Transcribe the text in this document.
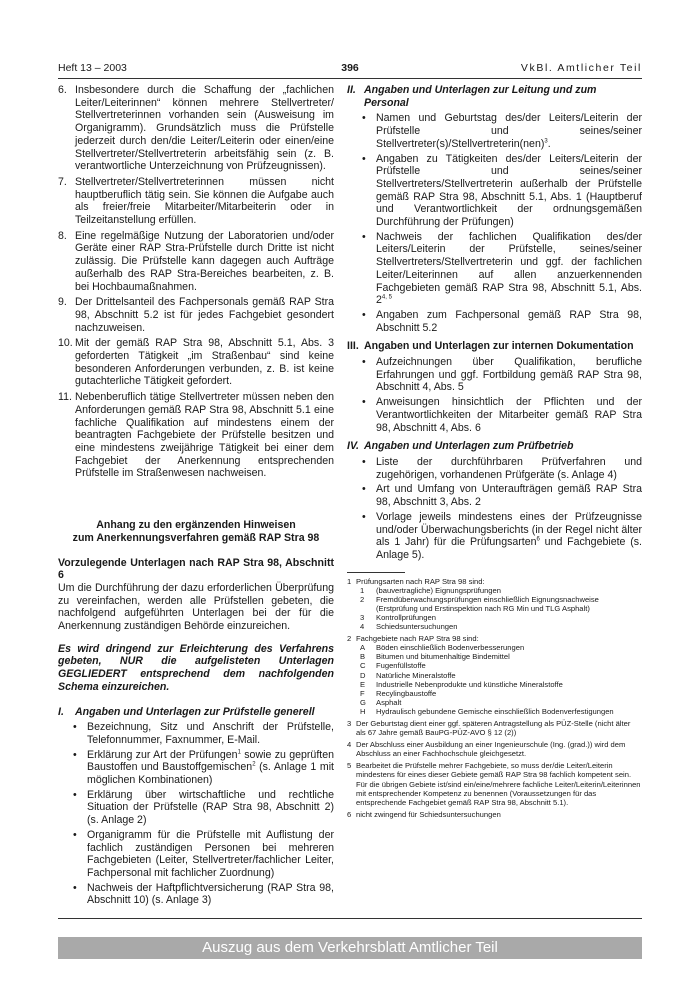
Heft 13 – 2003	396	VkBl. Amtlicher Teil
6. Insbesondere durch die Schaffung der „fachlichen Leiter/Leiterinnen“ können mehrere Stellvertreter/ Stellvertreterinnen vorhanden sein (Ausweisung im Organigramm). Grundsätzlich muss die Prüfstelle jederzeit durch den/die Leiter/Leiterin oder einen/eine Stellvertreter/Stellvertreterin arbeitsfähig sein (z. B. verantwortliche Unterzeichnung von Prüfzeugnissen).
7. Stellvertreter/Stellvertreterinnen müssen nicht hauptberuflich tätig sein. Sie können die Aufgabe auch als freier/freie Mitarbeiter/Mitarbeiterin oder in Teilzeitanstellung erfüllen.
8. Eine regelmäßige Nutzung der Laboratorien und/oder Geräte einer RAP Stra-Prüfstelle durch Dritte ist nicht zulässig. Die Prüfstelle kann dagegen auch Aufträge außerhalb des RAP Stra-Bereiches bearbeiten, z. B. bei Hochbaumaßnahmen.
9. Der Drittelsanteil des Fachpersonals gemäß RAP Stra 98, Abschnitt 5.2 ist für jedes Fachgebiet gesondert nachzuweisen.
10. Mit der gemäß RAP Stra 98, Abschnitt 5.1, Abs. 3 geforderten Tätigkeit „im Straßenbau“ sind keine besonderen Anforderungen verbunden, z. B. ist keine gutachterliche Tätigkeit gefordert.
11. Nebenberuflich tätige Stellvertreter müssen neben den Anforderungen gemäß RAP Stra 98, Abschnitt 5.1 eine fachliche Qualifikation auf mindestens einem der beantragten Fachgebiete der Prüfstelle besitzen und eine mindestens zweijährige Tätigkeit bei einer dem Fachgebiet der Anerkennung entsprechenden Prüfstelle im Straßenwesen nachweisen.
Anhang zu den ergänzenden Hinweisen
zum Anerkennungsverfahren gemäß RAP Stra 98

Vorzulegende Unterlagen nach RAP Stra 98, Abschnitt 6

Um die Durchführung der dazu erforderlichen Überprüfung zu vereinfachen, werden alle Prüfstellen gebeten, die nachfolgend aufgeführten Unterlagen bei der für die Anerkennung zuständigen Behörde einzureichen.

Es wird dringend zur Erleichterung des Verfahrens gebeten, NUR die aufgelisteten Unterlagen GEGLIEDERT entsprechend dem nachfolgenden Schema einzureichen.

I. Angaben und Unterlagen zur Prüfstelle generell
• Bezeichnung, Sitz und Anschrift der Prüfstelle, Telefonnummer, Faxnummer, E-Mail.
• Erklärung zur Art der Prüfungen$^1$ sowie zu geprüften Baustoffen und Baustoffgemischen$^2$ (s. Anlage 1 mit möglichen Kombinationen)
• Erklärung über wirtschaftliche und rechtliche Situation der Prüfstelle (RAP Stra 98, Abschnitt 2) (s. Anlage 2)
• Organigramm für die Prüfstelle mit Auflistung der fachlich zuständigen Personen bei mehreren Fachgebieten (Leiter, Stellvertreter/fachlicher Leiter, Fachpersonal mit fachlicher Zuordnung)
• Nachweis der Haftpflichtversicherung (RAP Stra 98, Abschnitt 10) (s. Anlage 3)
II. Angaben und Unterlagen zur Leitung und zum Personal
• Namen und Geburtstag des/der Leiters/Leiterin der Prüfstelle und seines/seiner Stellvertreter(s)/Stellvertreterin(nen)$^3$.
• Angaben zu Tätigkeiten des/der Leiters/Leiterin der Prüfstelle und seines/seiner Stellvertreters/Stellvertreterin außerhalb der Prüfstelle gemäß RAP Stra 98, Abschnitt 5.1, Abs. 1 (Hauptberuf und Verantwortlichkeit der ordnungsgemäßen Durchführung der Prüfungen)
• Nachweis der fachlichen Qualifikation des/der Leiters/Leiterin der Prüfstelle, seines/seiner Stellvertreters/Stellvertreterin und ggf. der fachlichen Leiter/Leiterinnen auf allen anzuerkennenden Fachgebieten gemäß RAP Stra 98, Abschnitt 5.1, Abs. 2$^{4, 5}$
• Angaben zum Fachpersonal gemäß RAP Stra 98, Abschnitt 5.2
III. Angaben und Unterlagen zur internen Dokumentation
• Aufzeichnungen über Qualifikation, berufliche Erfahrungen und ggf. Fortbildung gemäß RAP Stra 98, Abschnitt 4, Abs. 5
• Anweisungen hinsichtlich der Pflichten und der Verantwortlichkeiten der Mitarbeiter gemäß RAP Stra 98, Abschnitt 4, Abs. 6
IV. Angaben und Unterlagen zum Prüfbetrieb
• Liste der durchführbaren Prüfverfahren und zugehörigen, vorhandenen Prüfgeräte (s. Anlage 4)
• Art und Umfang von Unteraufträgen gemäß RAP Stra 98, Abschnitt 3, Abs. 2
• Vorlage jeweils mindestens eines der Prüfzeugnisse und/oder Überwachungsberichts (in der Regel nicht älter als 1 Jahr) für die Prüfungsarten$^6$ und Fachgebiete (s. Anlage 5).
1 Prüfungsarten nach RAP Stra 98 sind:
1 (bauvertragliche) Eignungsprüfungen
2 Fremdüberwachungsprüfungen einschließlich Eignungsnachweise (Erstprüfung und Erstinspektion nach RG Min und TLG Asphalt)
3 Kontrollprüfungen
4 Schiedsuntersuchungen
2 Fachgebiete nach RAP Stra 98 sind:
A Böden einschließlich Bodenverbesserungen
B Bitumen und bitumenhaltige Bindemittel
C Fugenfüllstoffe
D Natürliche Mineralstoffe
E Industrielle Nebenprodukte und künstliche Mineralstoffe
F Recylingbaustoffe
G Asphalt
H Hydraulisch gebundene Gemische einschließlich Bodenverfestigungen
3 Der Geburtstag dient einer ggf. späteren Antragstellung als PÜZ-Stelle (nicht älter als 67 Jahre gemäß BauPG-PÜZ-AVO § 12 (2))
4 Der Abschluss einer Ausbildung an einer Ingenieurschule (Ing. (grad.)) wird dem Abschluss an einer Fachhochschule gleichgesetzt.
5 Bearbeitet die Prüfstelle mehrer Fachgebiete, so muss der/die Leiter/Leiterin mindestens für eines dieser Gebiete gemäß RAP Stra 98 fachlich kompetent sein. Für die übrigen Gebiete ist/sind ein/eine/mehrere fachliche Leiter/Leiterin/Leiterinnen mit entsprechender Kompetenz zu benennen (Voraussetzungen für das entsprechende Fachgebiet gemäß RAP Stra 98, Abschnitt 5.1).
6 nicht zwingend für Schiedsuntersuchungen
Auszug aus dem Verkehrsblatt Amtlicher Teil
